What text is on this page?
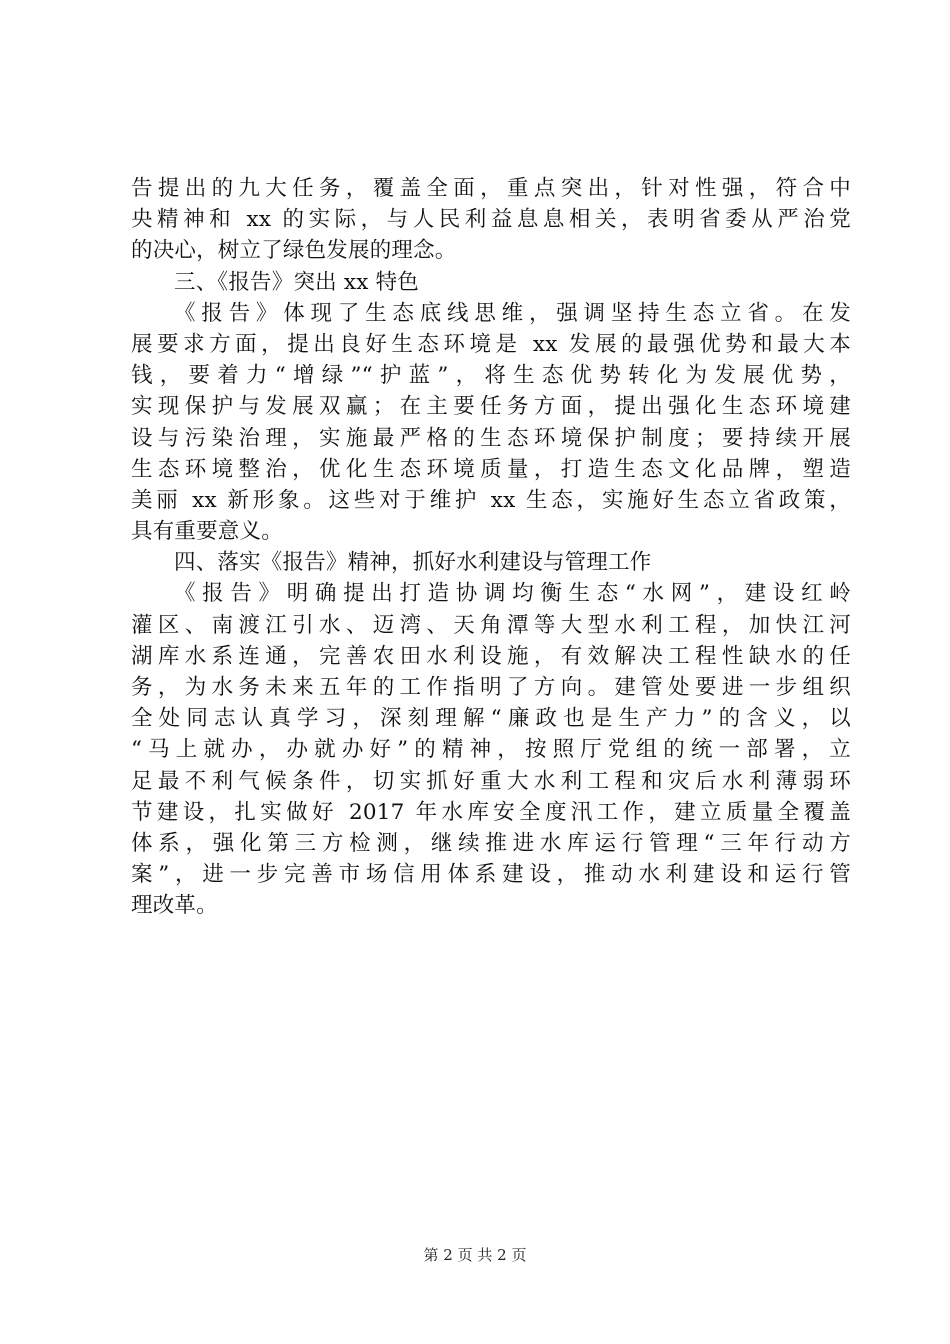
告提出的九大任务，覆盖全面，重点突出，针对性强，符合中
央精神和 xx 的实际，与人民利益息息相关，表明省委从严治党
的决心，树立了绿色发展的理念。
三、《报告》突出 xx 特色
《报告》体现了生态底线思维，强调坚持生态立省。在发
展要求方面，提出良好生态环境是 xx 发展的最强优势和最大本
钱，要着力“增绿”“护蓝”，将生态优势转化为发展优势，
实现保护与发展双赢；在主要任务方面，提出强化生态环境建
设与污染治理，实施最严格的生态环境保护制度；要持续开展
生态环境整治，优化生态环境质量，打造生态文化品牌，塑造
美丽 xx 新形象。这些对于维护 xx 生态，实施好生态立省政策，
具有重要意义。
四、落实《报告》精神，抓好水利建设与管理工作
《报告》明确提出打造协调均衡生态“水网”，建设红岭
灌区、南渡江引水、迈湾、天角潭等大型水利工程，加快江河
湖库水系连通，完善农田水利设施，有效解决工程性缺水的任
务，为水务未来五年的工作指明了方向。建管处要进一步组织
全处同志认真学习，深刻理解“廉政也是生产力”的含义，以
“马上就办，办就办好”的精神，按照厅党组的统一部署，立
足最不利气候条件，切实抓好重大水利工程和灾后水利薄弱环
节建设，扎实做好 2017 年水库安全度汛工作，建立质量全覆盖
体系，强化第三方检测，继续推进水库运行管理“三年行动方
案”，进一步完善市场信用体系建设，推动水利建设和运行管
理改革。
第 2 页 共 2 页
